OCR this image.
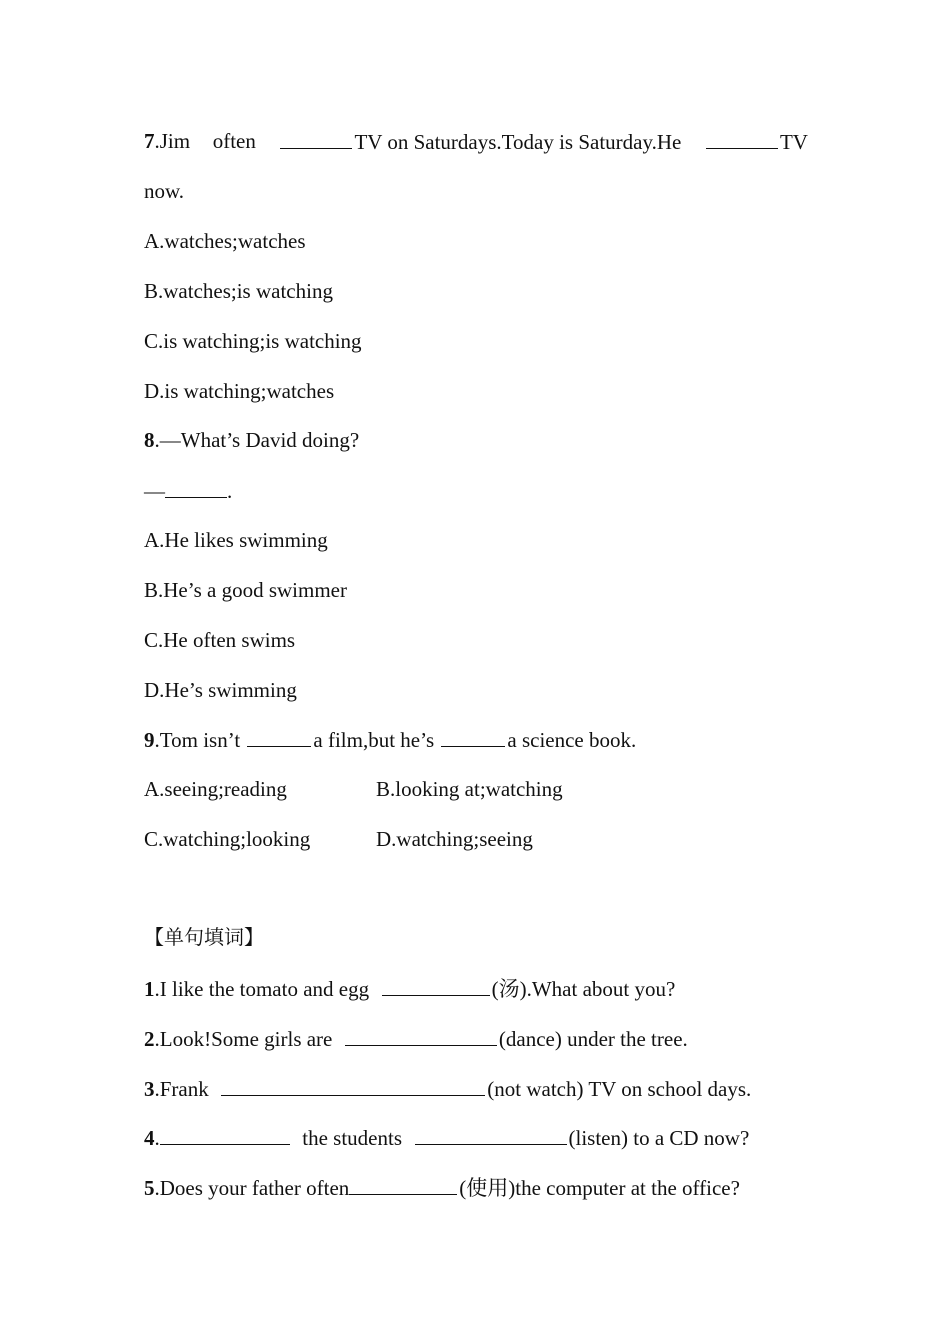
7.Jim often	TV on Saturdays.Today is Saturday.He	TV
now.
A.watches;watches
B.watches;is watching
C.is watching;is watching
D.is watching;watches
8.—What’s David doing?
—	.
A.He likes swimming
B.He’s a good swimmer
C.He often swims
D.He’s swimming
9.Tom isn’t	a film,but he’s	a science book.
A.seeing;reading	B.looking at;watching
C.watching;looking	D.watching;seeing
【单句填词】
1.I like the tomato and egg	(汤).What about you?
2.Look!Some girls are	(dance) under the tree.
3.Frank	(not watch) TV on school days.
4.	the students	(listen) to a CD now?
5.Does your father often	(使用)the computer at the office?
